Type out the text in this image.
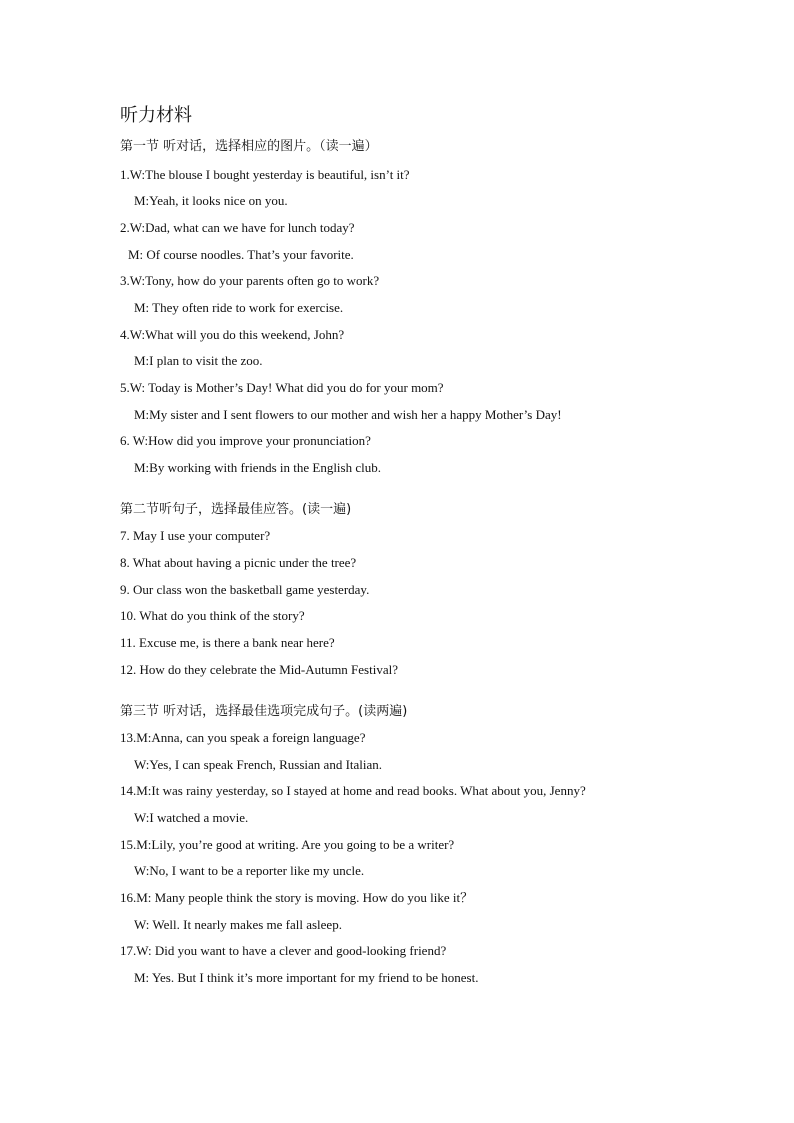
听力材料
第一节 听对话，选择相应的图片。（读一遍）
1.W:The blouse I bought yesterday is beautiful, isn’t it?
M:Yeah, it looks nice on you.
2.W:Dad, what can we have for lunch today?
M: Of course noodles. That’s your favorite.
3.W:Tony, how do your parents often go to work?
M: They often ride to work for exercise.
4.W:What will you do this weekend, John?
M:I plan to visit the zoo.
5.W: Today is Mother’s Day! What did you do for your mom?
M:My sister and I sent flowers to our mother and wish her a happy Mother’s Day!
6. W:How did you improve your pronunciation?
M:By working with friends in the English club.
第二节听句子，选择最佳应答。(读一遍)
7. May I use your computer?
8. What about having a picnic under the tree?
9. Our class won the basketball game yesterday.
10. What do you think of the story?
11. Excuse me, is there a bank near here?
12. How do they celebrate the Mid-Autumn Festival?
第三节 听对话，选择最佳选项完成句子。(读两遍)
13.M:Anna, can you speak a foreign language?
W:Yes, I can speak French, Russian and Italian.
14.M:It was rainy yesterday, so I stayed at home and read books. What about you, Jenny?
W:I watched a movie.
15.M:Lily, you’re good at writing. Are you going to be a writer?
W:No, I want to be a reporter like my uncle.
16.M: Many people think the story is moving. How do you like it？
W: Well. It nearly makes me fall asleep.
17.W: Did you want to have a clever and good-looking friend?
M: Yes. But I think it’s more important for my friend to be honest.
